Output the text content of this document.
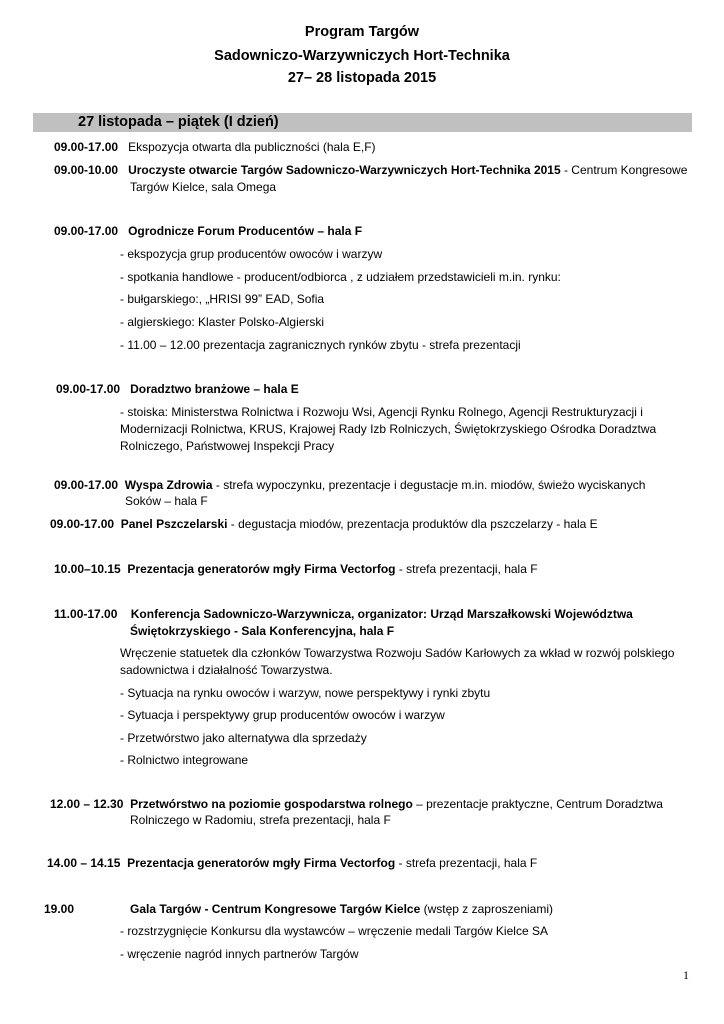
Program Targów
Sadowniczo-Warzywniczych Hort-Technika
27– 28 listopada 2015
27 listopada – piątek (I dzień)
09.00-17.00 Ekspozycja otwarta dla publiczności (hala E,F)
09.00-10.00 Uroczyste otwarcie Targów Sadowniczo-Warzywniczych Hort-Technika 2015 - Centrum Kongresowe
Targów Kielce, sala Omega
09.00-17.00 Ogrodnicze Forum Producentów – hala F
- ekspozycja grup producentów owoców i warzyw
- spotkania handlowe - producent/odbiorca , z udziałem przedstawicieli m.in. rynku:
- bułgarskiego:, „HRISI 99” EAD, Sofia
- algierskiego: Klaster Polsko-Algierski
- 11.00 – 12.00 prezentacja zagranicznych rynków zbytu - strefa prezentacji
09.00-17.00 Doradztwo branżowe – hala E
- stoiska: Ministerstwa Rolnictwa i Rozwoju Wsi, Agencji Rynku Rolnego, Agencji Restrukturyzacji i
Modernizacji Rolnictwa, KRUS, Krajowej Rady Izb Rolniczych, Świętokrzyskiego Ośrodka Doradztwa
Rolniczego, Państwowej Inspekcji Pracy
09.00-17.00 Wyspa Zdrowia - strefa wypoczynku, prezentacje i degustacje m.in. miodów, świeżo wyciskanych
Soków – hala F
09.00-17.00 Panel Pszczelarski - degustacja miodów, prezentacja produktów dla pszczelarzy - hala E
10.00–10.15 Prezentacja generatorów mgły Firma Vectorfog - strefa prezentacji, hala F
11.00-17.00 Konferencja Sadowniczo-Warzywnicza, organizator: Urząd Marszałkowski Województwa
Świętokrzyskiego - Sala Konferencyjna, hala F
Wręczenie statuetek dla członków Towarzystwa Rozwoju Sadów Karłowych za wkład w rozwój polskiego
sadownictwa i działalność Towarzystwa.
- Sytuacja na rynku owoców i warzyw, nowe perspektywy i rynki zbytu
- Sytuacja i perspektywy grup producentów owoców i warzyw
- Przetwórstwo jako alternatywa dla sprzedaży
- Rolnictwo integrowane
12.00 – 12.30 Przetwórstwo na poziomie gospodarstwa rolnego – prezentacje praktyczne, Centrum Doradztwa
Rolniczego w Radomiu, strefa prezentacji, hala F
14.00 – 14.15 Prezentacja generatorów mgły Firma Vectorfog - strefa prezentacji, hala F
19.00	Gala Targów - Centrum Kongresowe Targów Kielce (wstęp z zaproszeniami)
- rozstrzygnięcie Konkursu dla wystawców – wręczenie medali Targów Kielce SA
- wręczenie nagród innych partnerów Targów
1
